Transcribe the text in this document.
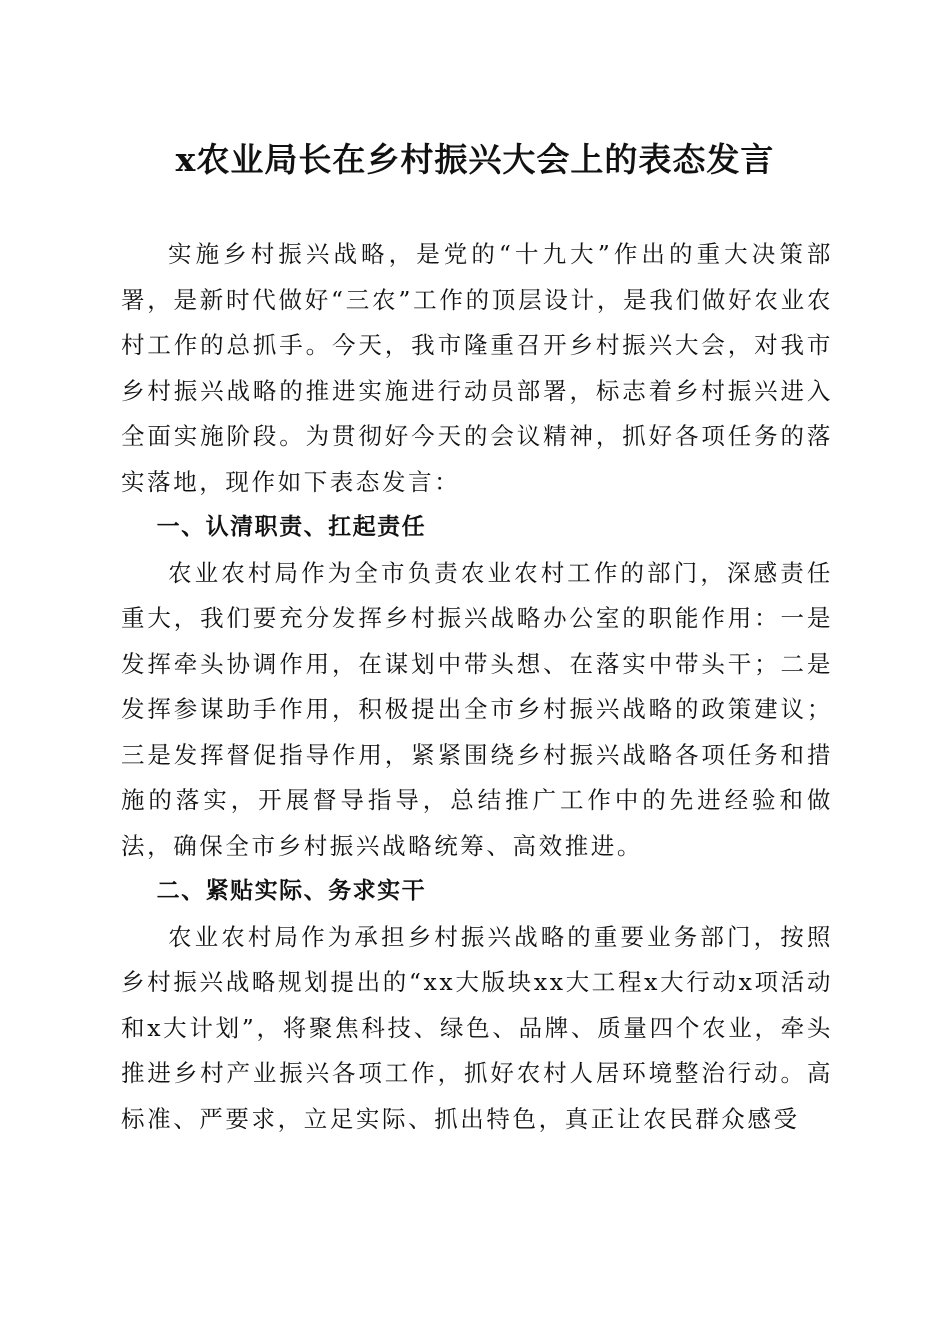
x农业局长在乡村振兴大会上的表态发言

实施乡村振兴战略，是党的“十九大”作出的重大决策部署，是新时代做好“三农”工作的顶层设计，是我们做好农业农村工作的总抓手。今天，我市隆重召开乡村振兴大会，对我市乡村振兴战略的推进实施进行动员部署，标志着乡村振兴进入全面实施阶段。为贯彻好今天的会议精神，抓好各项任务的落实落地，现作如下表态发言：

一、认清职责、扛起责任

农业农村局作为全市负责农业农村工作的部门，深感责任重大，我们要充分发挥乡村振兴战略办公室的职能作用：一是发挥牵头协调作用，在谋划中带头想、在落实中带头干；二是发挥参谋助手作用，积极提出全市乡村振兴战略的政策建议；三是发挥督促指导作用，紧紧围绕乡村振兴战略各项任务和措施的落实，开展督导指导，总结推广工作中的先进经验和做法，确保全市乡村振兴战略统筹、高效推进。

二、紧贴实际、务求实干

农业农村局作为承担乡村振兴战略的重要业务部门，按照乡村振兴战略规划提出的“xx大版块xx大工程x大行动x项活动和x大计划”，将聚焦科技、绿色、品牌、质量四个农业，牵头推进乡村产业振兴各项工作，抓好农村人居环境整治行动。高标准、严要求，立足实际、抓出特色，真正让农民群众感受
